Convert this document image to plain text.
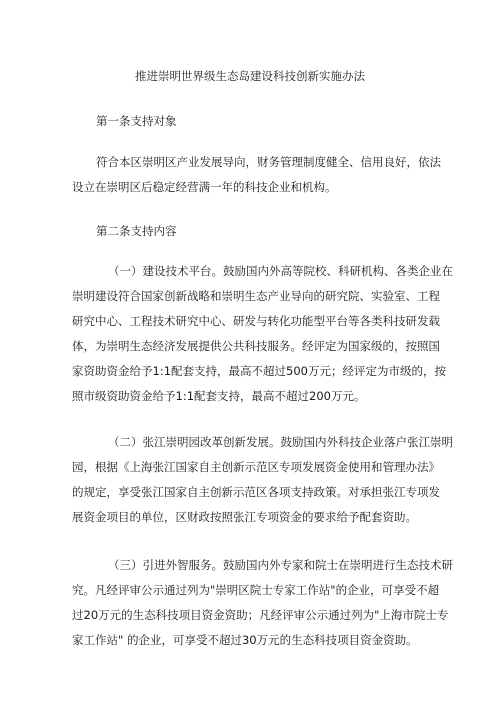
推进崇明世界级生态岛建设科技创新实施办法
第一条支持对象
符合本区崇明区产业发展导向，财务管理制度健全、信用良好，依法
设立在崇明区后稳定经营满一年的科技企业和机构。
第二条支持内容
（一）建设技术平台。鼓励国内外高等院校、科研机构、各类企业在
崇明建设符合国家创新战略和崇明生态产业导向的研究院、实验室、工程
研究中心、工程技术研究中心、研发与转化功能型平台等各类科技研发载
体，为崇明生态经济发展提供公共科技服务。经评定为国家级的，按照国
家资助资金给予1:1配套支持，最高不超过500万元；经评定为市级的，按
照市级资助资金给予1:1配套支持，最高不超过200万元。
（二）张江崇明园改革创新发展。鼓励国内外科技企业落户张江崇明
园，根据《上海张江国家自主创新示范区专项发展资金使用和管理办法》
的规定，享受张江国家自主创新示范区各项支持政策。对承担张江专项发
展资金项目的单位，区财政按照张江专项资金的要求给予配套资助。
（三）引进外智服务。鼓励国内外专家和院士在崇明进行生态技术研
究。凡经评审公示通过列为"崇明区院士专家工作站"的企业，可享受不超
过20万元的生态科技项目资金资助；凡经评审公示通过列为"上海市院士专
家工作站" 的企业，可享受不超过30万元的生态科技项目资金资助。
